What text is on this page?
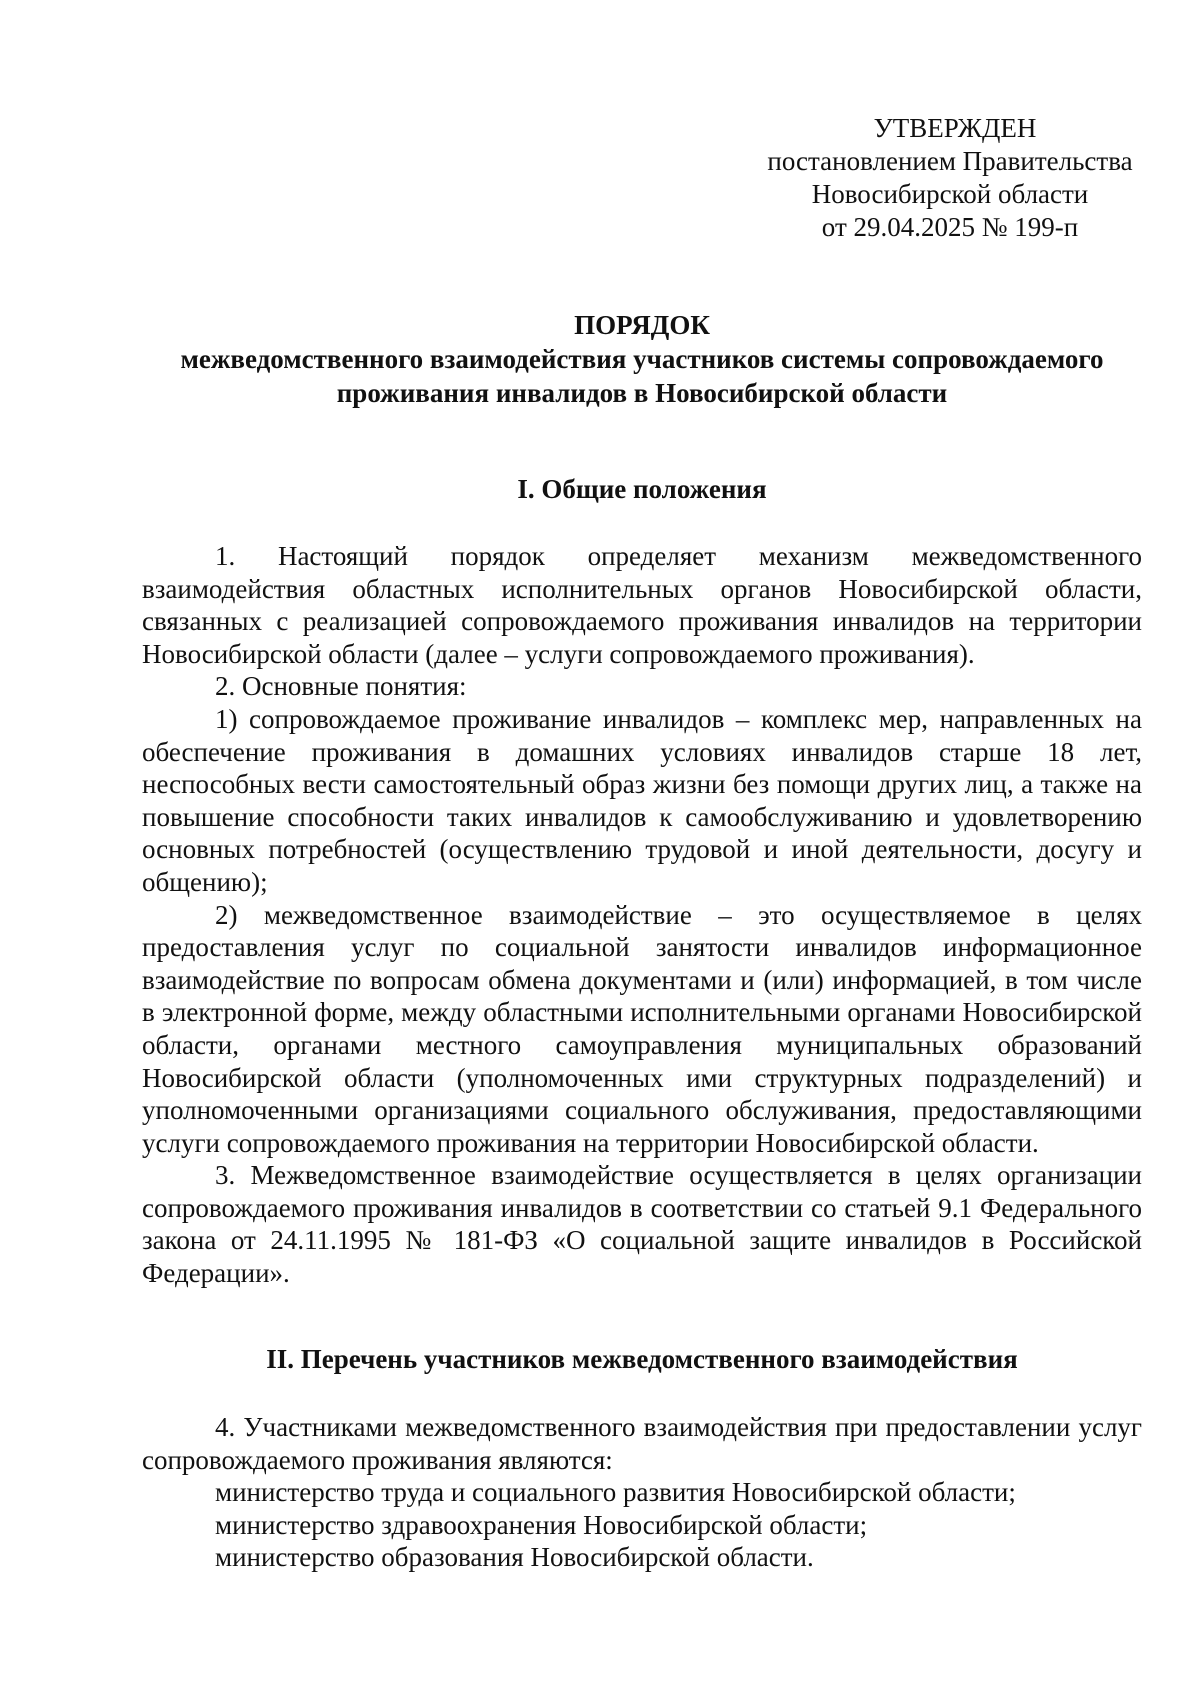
УТВЕРЖДЕН
постановлением Правительства
Новосибирской области
от 29.04.2025 № 199-п
ПОРЯДОК
межведомственного взаимодействия участников системы сопровождаемого
проживания инвалидов в Новосибирской области
I. Общие положения

1. Настоящий порядок определяет механизм межведомственного взаимодействия областных исполнительных органов Новосибирской области, связанных с реализацией сопровождаемого проживания инвалидов на территории Новосибирской области (далее – услуги сопровождаемого проживания).

2. Основные понятия:

1) сопровождаемое проживание инвалидов – комплекс мер, направленных на обеспечение проживания в домашних условиях инвалидов старше 18 лет, неспособных вести самостоятельный образ жизни без помощи других лиц, а также на повышение способности таких инвалидов к самообслуживанию и удовлетворению основных потребностей (осуществлению трудовой и иной деятельности, досугу и общению);

2) межведомственное взаимодействие – это осуществляемое в целях предоставления услуг по социальной занятости инвалидов информационное взаимодействие по вопросам обмена документами и (или) информацией, в том числе в электронной форме, между областными исполнительными органами Новосибирской области, органами местного самоуправления муниципальных образований Новосибирской области (уполномоченных ими структурных подразделений) и уполномоченными организациями социального обслуживания, предоставляющими услуги сопровождаемого проживания на территории Новосибирской области.

3. Межведомственное взаимодействие осуществляется в целях организации сопровождаемого проживания инвалидов в соответствии со статьей 9.1 Федерального закона от 24.11.1995 № 181-ФЗ «О социальной защите инвалидов в Российской Федерации».

II. Перечень участников межведомственного взаимодействия

4. Участниками межведомственного взаимодействия при предоставлении услуг сопровождаемого проживания являются:

министерство труда и социального развития Новосибирской области;

министерство здравоохранения Новосибирской области;

министерство образования Новосибирской области.
